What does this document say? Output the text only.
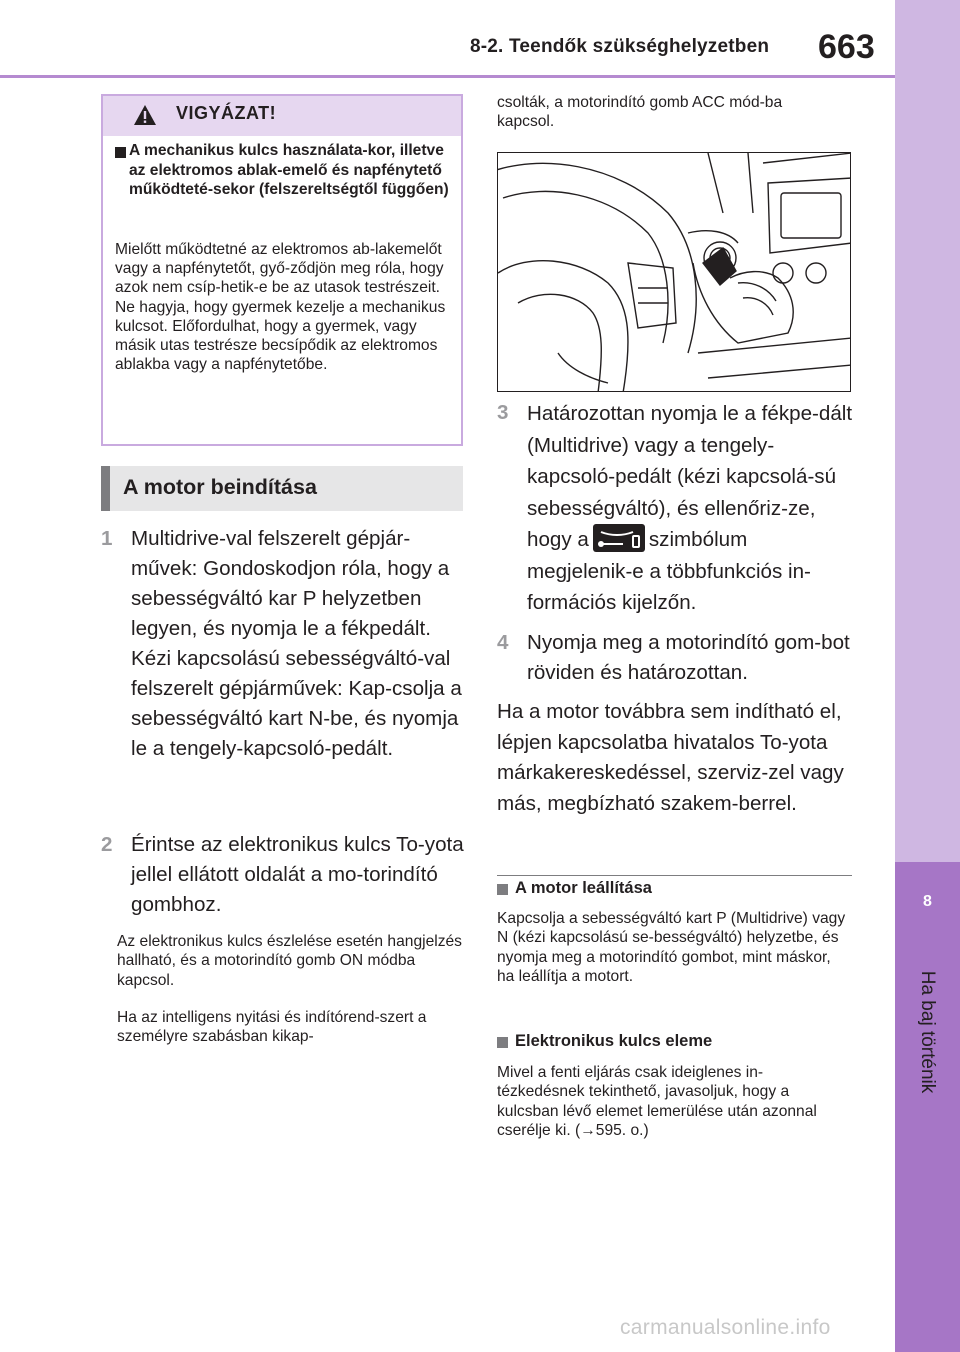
8-2. Teendők szükséghelyzetben 663
8
Ha baj történik
VIGYÁZAT!
A mechanikus kulcs használata-kor, illetve az elektromos ablak-emelő és napfénytető működteté-sekor (felszereltségtől függően)
Mielőtt működtetné az elektromos ab-lakemelőt vagy a napfénytetőt, győ-ződjön meg róla, hogy azok nem csíp-hetik-e be az utasok testrészeit.
Ne hagyja, hogy gyermek kezelje a mechanikus kulcsot. Előfordulhat, hogy a gyermek, vagy másik utas testrésze becsípődik az elektromos ablakba vagy a napfénytetőbe.
A motor beindítása
1 Multidrive-val felszerelt gépjár-művek: Gondoskodjon róla, hogy a sebességváltó kar P helyzetben legyen, és nyomja le a fékpedált.
Kézi kapcsolású sebességváltó-val felszerelt gépjárművek: Kap-csolja a sebességváltó kart N-be, és nyomja le a tengely-kapcsoló-pedált.
2 Érintse az elektronikus kulcs To-yota jellel ellátott oldalát a mo-torindító gombhoz.
Az elektronikus kulcs észlelése esetén hangjelzés hallható, és a motorindító gomb ON módba kapcsol.
Ha az intelligens nyitási és indítórend-szert a személyre szabásban kikap-
csolták, a motorindító gomb ACC mód-ba kapcsol.
3 Határozottan nyomja le a fékpe-dált (Multidrive) vagy a tengely-kapcsoló-pedált (kézi kapcsolá-sú sebességváltó), és ellenőriz-ze, hogy a	szimbólum megjelenik-e a többfunkciós in-formációs kijelzőn.
4 Nyomja meg a motorindító gom-bot röviden és határozottan.
Ha a motor továbbra sem indítható el, lépjen kapcsolatba hivatalos To-yota márkakereskedéssel, szerviz-zel vagy más, megbízható szakem-berrel.
A motor leállítása
Kapcsolja a sebességváltó kart P (Multidrive) vagy N (kézi kapcsolású se-bességváltó) helyzetbe, és nyomja meg a motorindító gombot, mint máskor, ha leállítja a motort.
Elektronikus kulcs eleme
Mivel a fenti eljárás csak ideiglenes in-tézkedésnek tekinthető, javasoljuk, hogy a kulcsban lévő elemet lemerülése után azonnal cserélje ki. (→595. o.)
carmanualsonline.info
